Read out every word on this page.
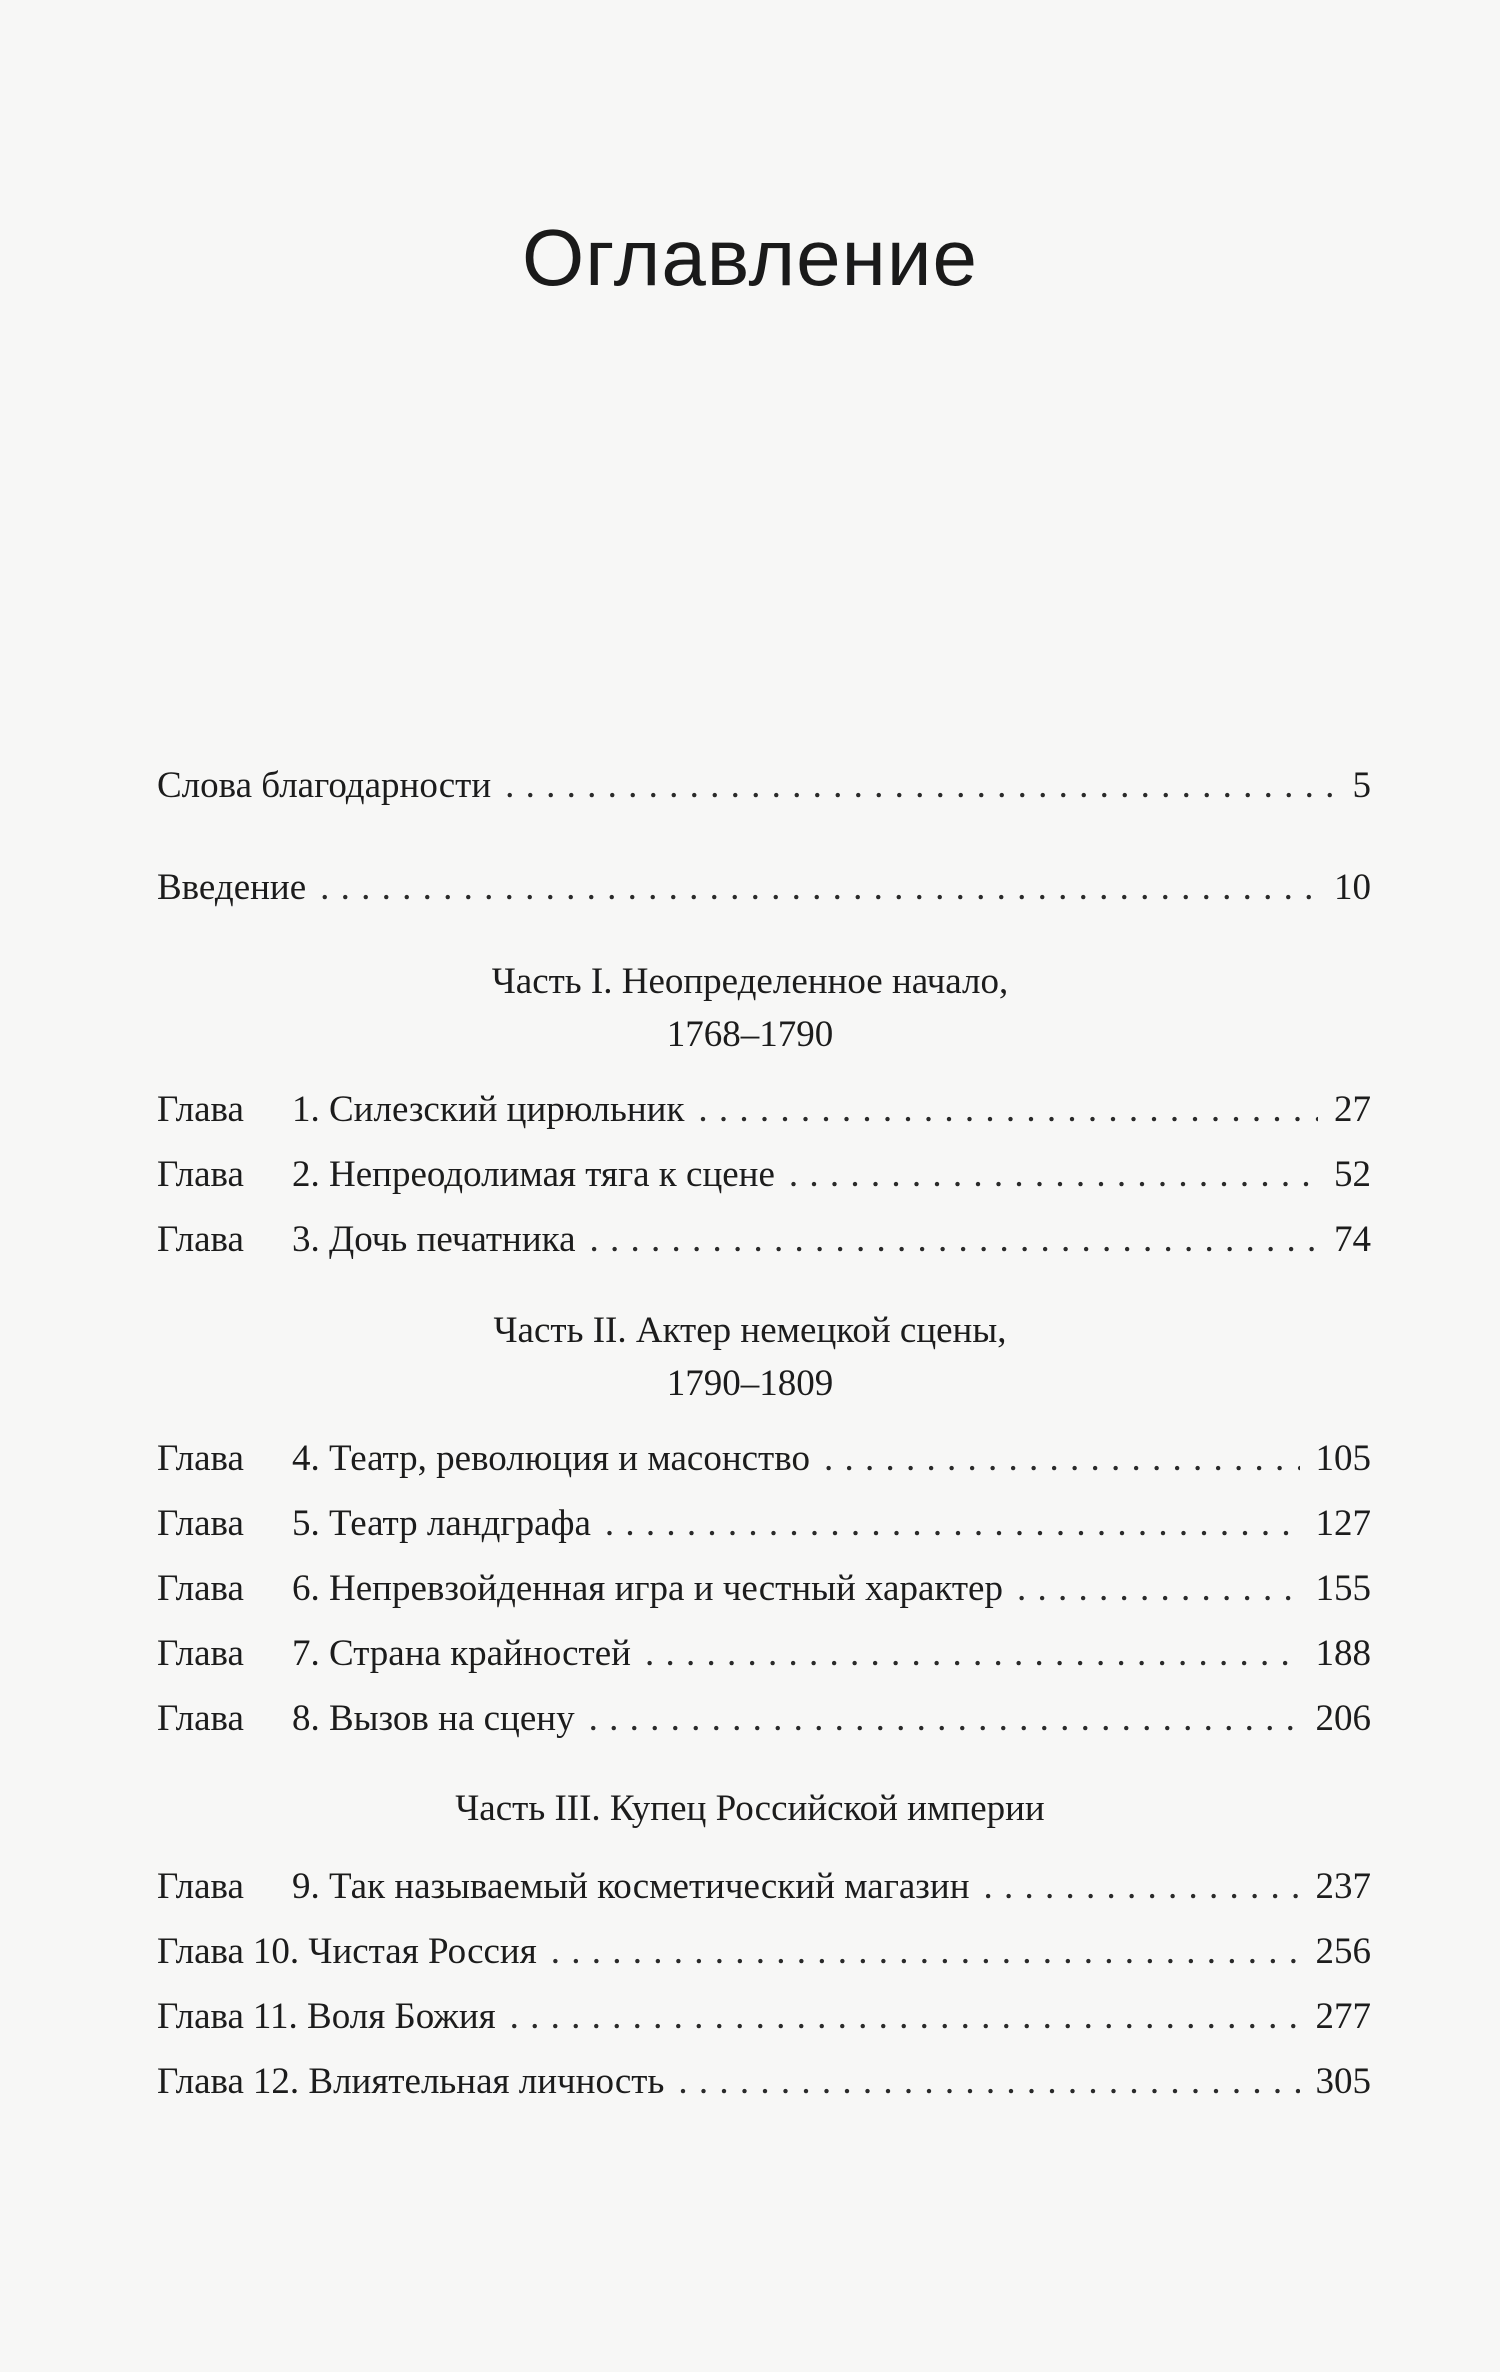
Оглавление
Слова благодарности . . .	5
Введение . . .	10
Часть I. Неопределенное начало,
1768–1790
Глава 1. Силезский цирюльник . . .	27
Глава 2. Непреодолимая тяга к сцене . . .	52
Глава 3. Дочь печатника . . .	74
Часть II. Актер немецкой сцены,
1790–1809
Глава 4. Театр, революция и масонство . . .	105
Глава 5. Театр ландграфа . . .	127
Глава 6. Непревзойденная игра и честный характер . . .	155
Глава 7. Страна крайностей . . .	188
Глава 8. Вызов на сцену . . .	206
Часть III. Купец Российской империи
Глава 9. Так называемый косметический магазин . . .	237
Глава 10. Чистая Россия . . .	256
Глава 11. Воля Божия . . .	277
Глава 12. Влиятельная личность . . .	305
